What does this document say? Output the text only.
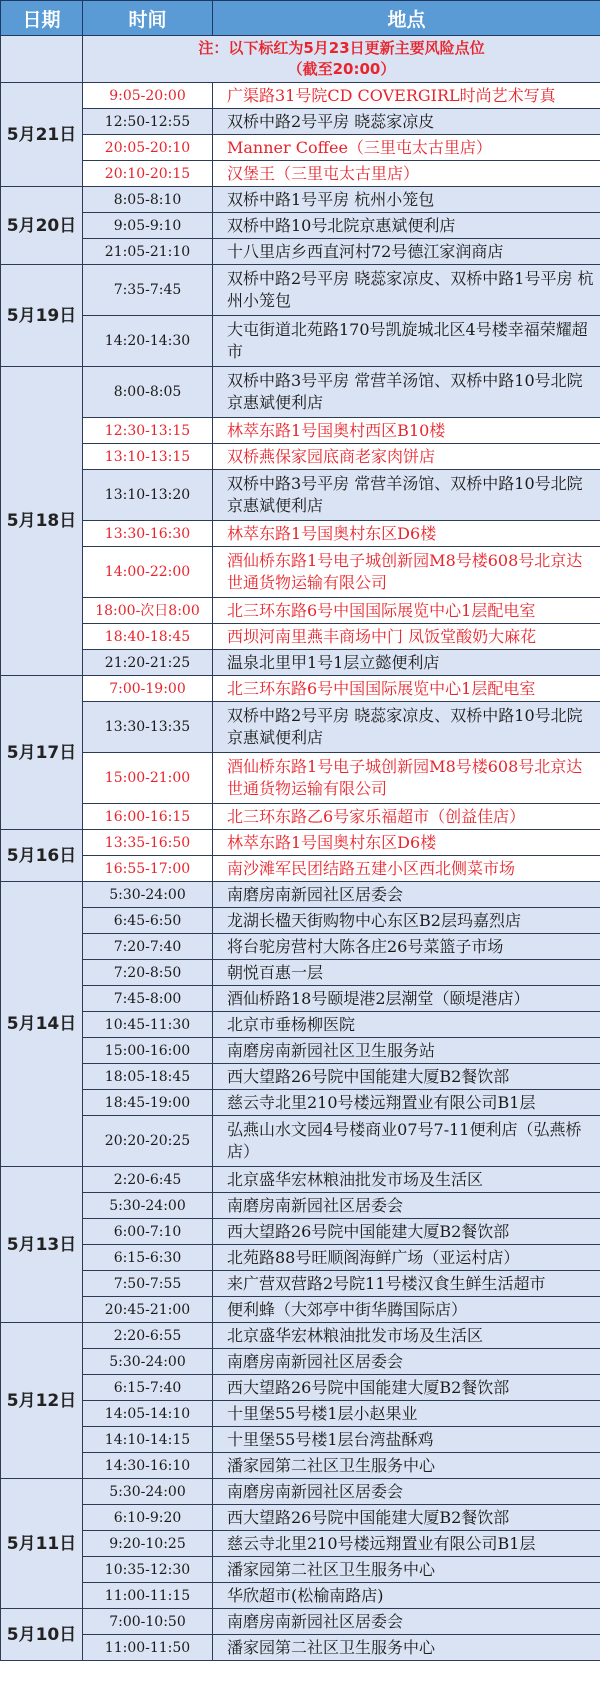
日期	时间	地点

	注：以下标红为5月23日更新主要风险点位
（截至20:00）	

5月21日	9:05-20:00	广渠路31号院CD COVERGIRL时尚艺术写真
	12:50-12:55	双桥中路2号平房 晓蕊家凉皮
	20:05-20:10	Manner Coffee（三里屯太古里店）
	20:10-20:15	汉堡王（三里屯太古里店）
5月20日	8:05-8:10	双桥中路1号平房 杭州小笼包
	9:05-9:10	双桥中路10号北院京惠斌便利店
	21:05-21:10	十八里店乡西直河村72号德江家润商店
5月19日	7:35-7:45	双桥中路2号平房 晓蕊家凉皮、双桥中路1号平房 杭州小笼包
	14:20-14:30	大屯街道北苑路170号凯旋城北区4号楼幸福荣耀超市
5月18日	8:00-8:05	双桥中路3号平房 常营羊汤馆、双桥中路10号北院京惠斌便利店
	12:30-13:15	林萃东路1号国奥村西区B10楼
	13:10-13:15	双桥燕保家园底商老家肉饼店
	13:10-13:20	双桥中路3号平房 常营羊汤馆、双桥中路10号北院京惠斌便利店
	13:30-16:30	林萃东路1号国奥村东区D6楼
	14:00-22:00	酒仙桥东路1号电子城创新园M8号楼608号北京达世通货物运输有限公司
	18:00-次日8:00	北三环东路6号中国国际展览中心1层配电室
	18:40-18:45	西坝河南里燕丰商场中门 凤饭堂酸奶大麻花
	21:20-21:25	温泉北里甲1号1层立懿便利店
5月17日	7:00-19:00	北三环东路6号中国国际展览中心1层配电室
	13:30-13:35	双桥中路2号平房 晓蕊家凉皮、双桥中路10号北院京惠斌便利店
	15:00-21:00	酒仙桥东路1号电子城创新园M8号楼608号北京达世通货物运输有限公司
	16:00-16:15	北三环东路乙6号家乐福超市（创益佳店）
5月16日	13:35-16:50	林萃东路1号国奥村东区D6楼
	16:55-17:00	南沙滩军民团结路五建小区西北侧菜市场
5月14日	5:30-24:00	南磨房南新园社区居委会
	6:45-6:50	龙湖长楹天街购物中心东区B2层玛嘉烈店
	7:20-7:40	将台驼房营村大陈各庄26号菜篮子市场
	7:20-8:50	朝悦百惠一层
	7:45-8:00	酒仙桥路18号颐堤港2层潮堂（颐堤港店）
	10:45-11:30	北京市垂杨柳医院
	15:00-16:00	南磨房南新园社区卫生服务站
	18:05-18:45	西大望路26号院中国能建大厦B2餐饮部
	18:45-19:00	慈云寺北里210号楼远翔置业有限公司B1层
	20:20-20:25	弘燕山水文园4号楼商业07号7-11便利店（弘燕桥店）
5月13日	2:20-6:45	北京盛华宏林粮油批发市场及生活区
	5:30-24:00	南磨房南新园社区居委会
	6:00-7:10	西大望路26号院中国能建大厦B2餐饮部
	6:15-6:30	北苑路88号旺顺阁海鲜广场（亚运村店）
	7:50-7:55	来广营双营路2号院11号楼汉食生鲜生活超市
	20:45-21:00	便利蜂（大郊亭中街华腾国际店）
5月12日	2:20-6:55	北京盛华宏林粮油批发市场及生活区
	5:30-24:00	南磨房南新园社区居委会
	6:15-7:40	西大望路26号院中国能建大厦B2餐饮部
	14:05-14:10	十里堡55号楼1层小赵果业
	14:10-14:15	十里堡55号楼1层台湾盐酥鸡
	14:30-16:10	潘家园第二社区卫生服务中心
5月11日	5:30-24:00	南磨房南新园社区居委会
	6:10-9:20	西大望路26号院中国能建大厦B2餐饮部
	9:20-10:25	慈云寺北里210号楼远翔置业有限公司B1层
	10:35-12:30	潘家园第二社区卫生服务中心
	11:00-11:15	华欣超市(松榆南路店)
5月10日	7:00-10:50	南磨房南新园社区居委会
	11:00-11:50	潘家园第二社区卫生服务中心
